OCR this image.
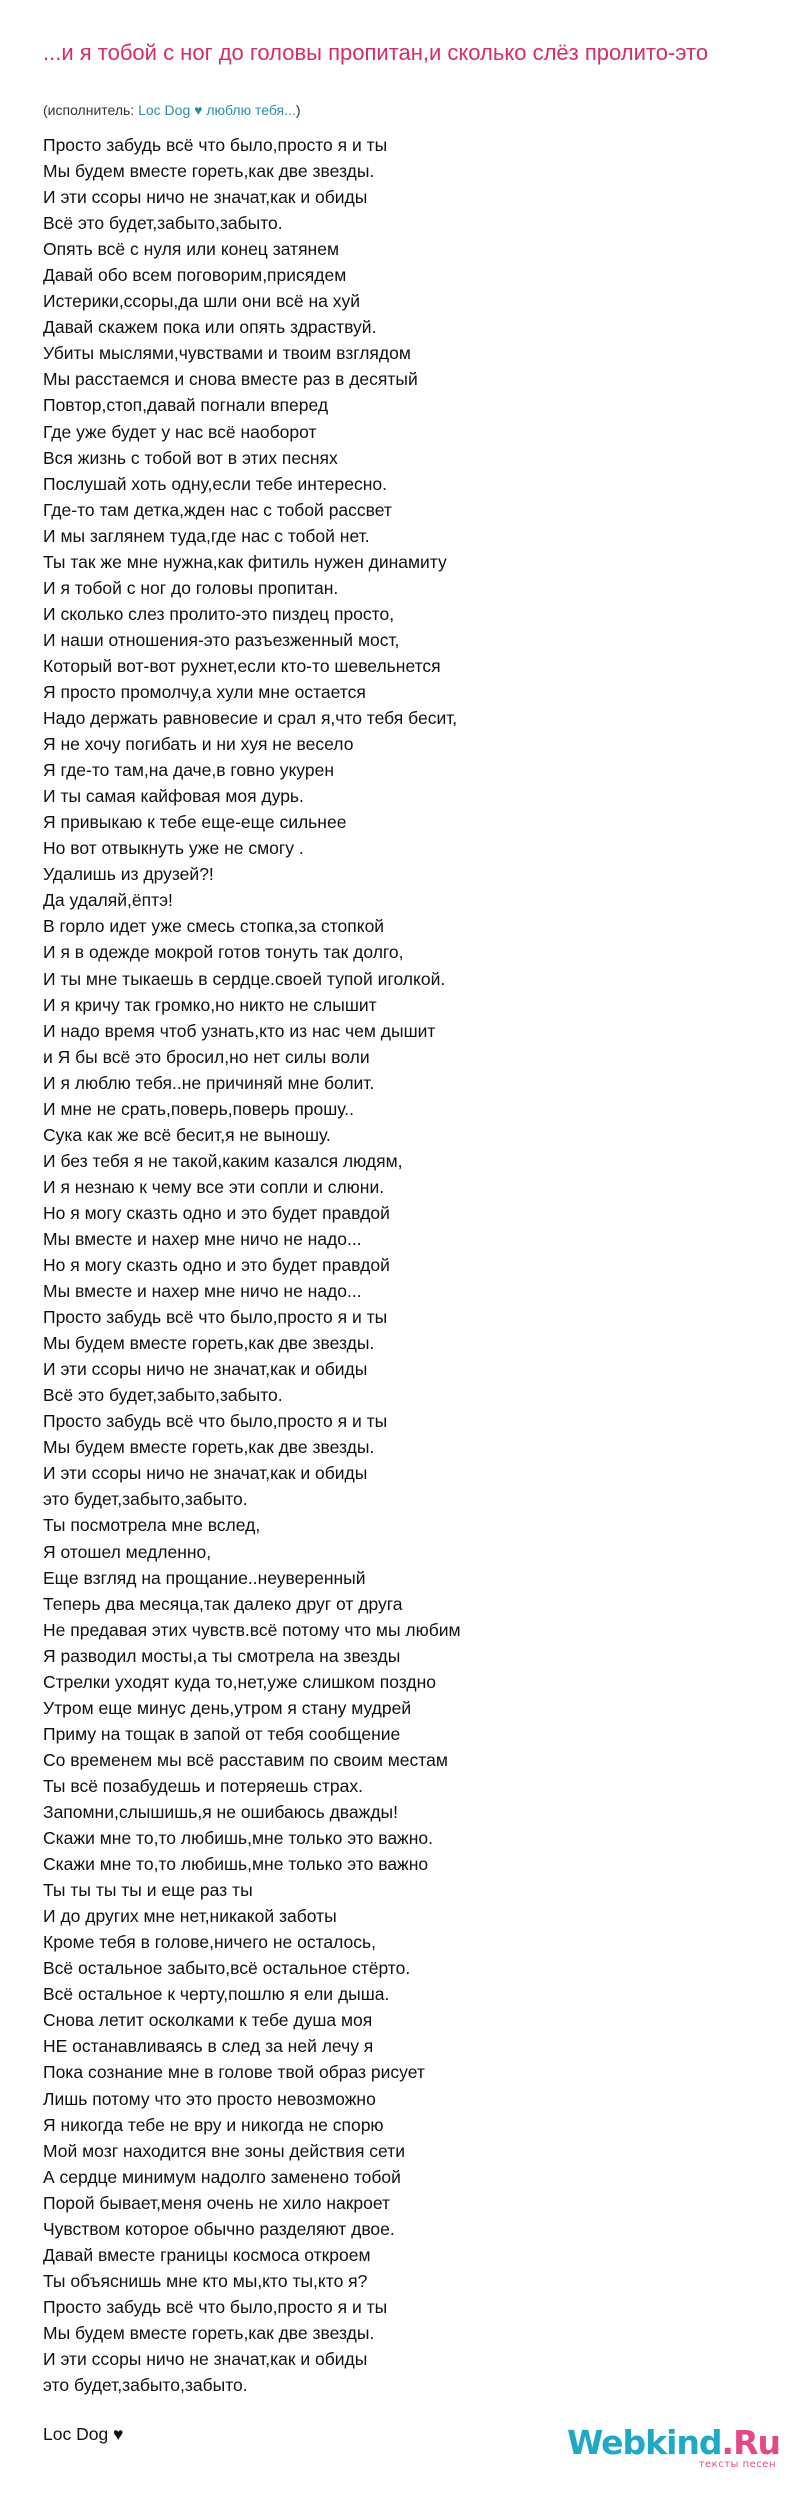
...и я тобой с ног до головы пропитан,и сколько слёз пролито-это

(исполнитель: Loc Dog ♥ люблю тебя...)

Просто забудь всё что было,просто я и ты
Мы будем вместе гореть,как две звезды.
И эти ссоры ничо не значат,как и обиды
Всё это будет,забыто,забыто.
Опять всё с нуля или конец затянем
Давай обо всем поговорим,присядем
Истерики,ссоры,да шли они всё на хуй
Давай скажем пока или опять здраствуй.
Убиты мыслями,чувствами и твоим взглядом
Мы расстаемся и снова вместе раз в десятый
Повтор,стоп,давай погнали вперед
Где уже будет у нас всё наоборот
Вся жизнь с тобой вот в этих песнях
Послушай хоть одну,если тебе интересно.
Где-то там детка,жден нас с тобой рассвет
И мы заглянем туда,где нас с тобой нет.
Ты так же мне нужна,как фитиль нужен динамиту
И я тобой с ног до головы пропитан.
И сколько слез пролито-это пиздец просто,
И наши отношения-это разъезженный мост,
Который вот-вот рухнет,если кто-то шевельнется
Я просто промолчу,а хули мне остается
Надо держать равновесие и срал я,что тебя бесит,
Я не хочу погибать и ни хуя не весело
Я где-то там,на даче,в говно укурен
И ты самая кайфовая моя дурь.
Я привыкаю к тебе еще-еще сильнее
Но вот отвыкнуть уже не смогу .
Удалишь из друзей?!
Да удаляй,ёптэ!
В горло идет уже смесь стопка,за стопкой
И я в одежде мокрой готов тонуть так долго,
И ты мне тыкаешь в сердце.своей тупой иголкой.
И я кричу так громко,но никто не слышит
И надо время чтоб узнать,кто из нас чем дышит
и Я бы всё это бросил,но нет силы воли
И я люблю тебя..не причиняй мне болит.
И мне не срать,поверь,поверь прошу..
Сука как же всё бесит,я не выношу.
И без тебя я не такой,каким казался людям,
И я незнаю к чему все эти сопли и слюни.
Но я могу сказть одно и это будет правдой
Мы вместе и нахер мне ничо не надо...
Но я могу сказть одно и это будет правдой
Мы вместе и нахер мне ничо не надо...
Просто забудь всё что было,просто я и ты
Мы будем вместе гореть,как две звезды.
И эти ссоры ничо не значат,как и обиды
Всё это будет,забыто,забыто.
Просто забудь всё что было,просто я и ты
Мы будем вместе гореть,как две звезды.
И эти ссоры ничо не значат,как и обиды
это будет,забыто,забыто.
Ты посмотрела мне вслед,
Я отошел медленно,
Еще взгляд на прощание..неуверенный
Теперь два месяца,так далеко друг от друга
Не предавая этих чувств.всё потому что мы любим
Я разводил мосты,а ты смотрела на звезды
Стрелки уходят куда то,нет,уже слишком поздно
Утром еще минус день,утром я стану мудрей
Приму на тощак в запой от тебя сообщение
Со временем мы всё расставим по своим местам
Ты всё позабудешь и потеряешь страх.
Запомни,слышишь,я не ошибаюсь дважды!
Скажи мне то,то любишь,мне только это важно.
Скажи мне то,то любишь,мне только это важно
Ты ты ты ты и еще раз ты
И до других мне нет,никакой заботы
Кроме тебя в голове,ничего не осталось,
Всё остальное забыто,всё остальное стёрто.
Всё остальное к черту,пошлю я ели дыша.
Снова летит осколками к тебе душа моя
НЕ останавливаясь в след за ней лечу я
Пока сознание мне в голове твой образ рисует
Лишь потому что это просто невозможно
Я никогда тебе не вру и никогда не спорю
Мой мозг находится вне зоны действия сети
А сердце минимум надолго заменено тобой
Порой бывает,меня очень не хило накроет
Чувством которое обычно разделяют двое.
Давай вместе границы космоса откроем
Ты объяснишь мне кто мы,кто ты,кто я?
Просто забудь всё что было,просто я и ты
Мы будем вместе гореть,как две звезды.
И эти ссоры ничо не значат,как и обиды
это будет,забыто,забыто.

Loc Dog ♥	Webkind.Ru
тексты песен
